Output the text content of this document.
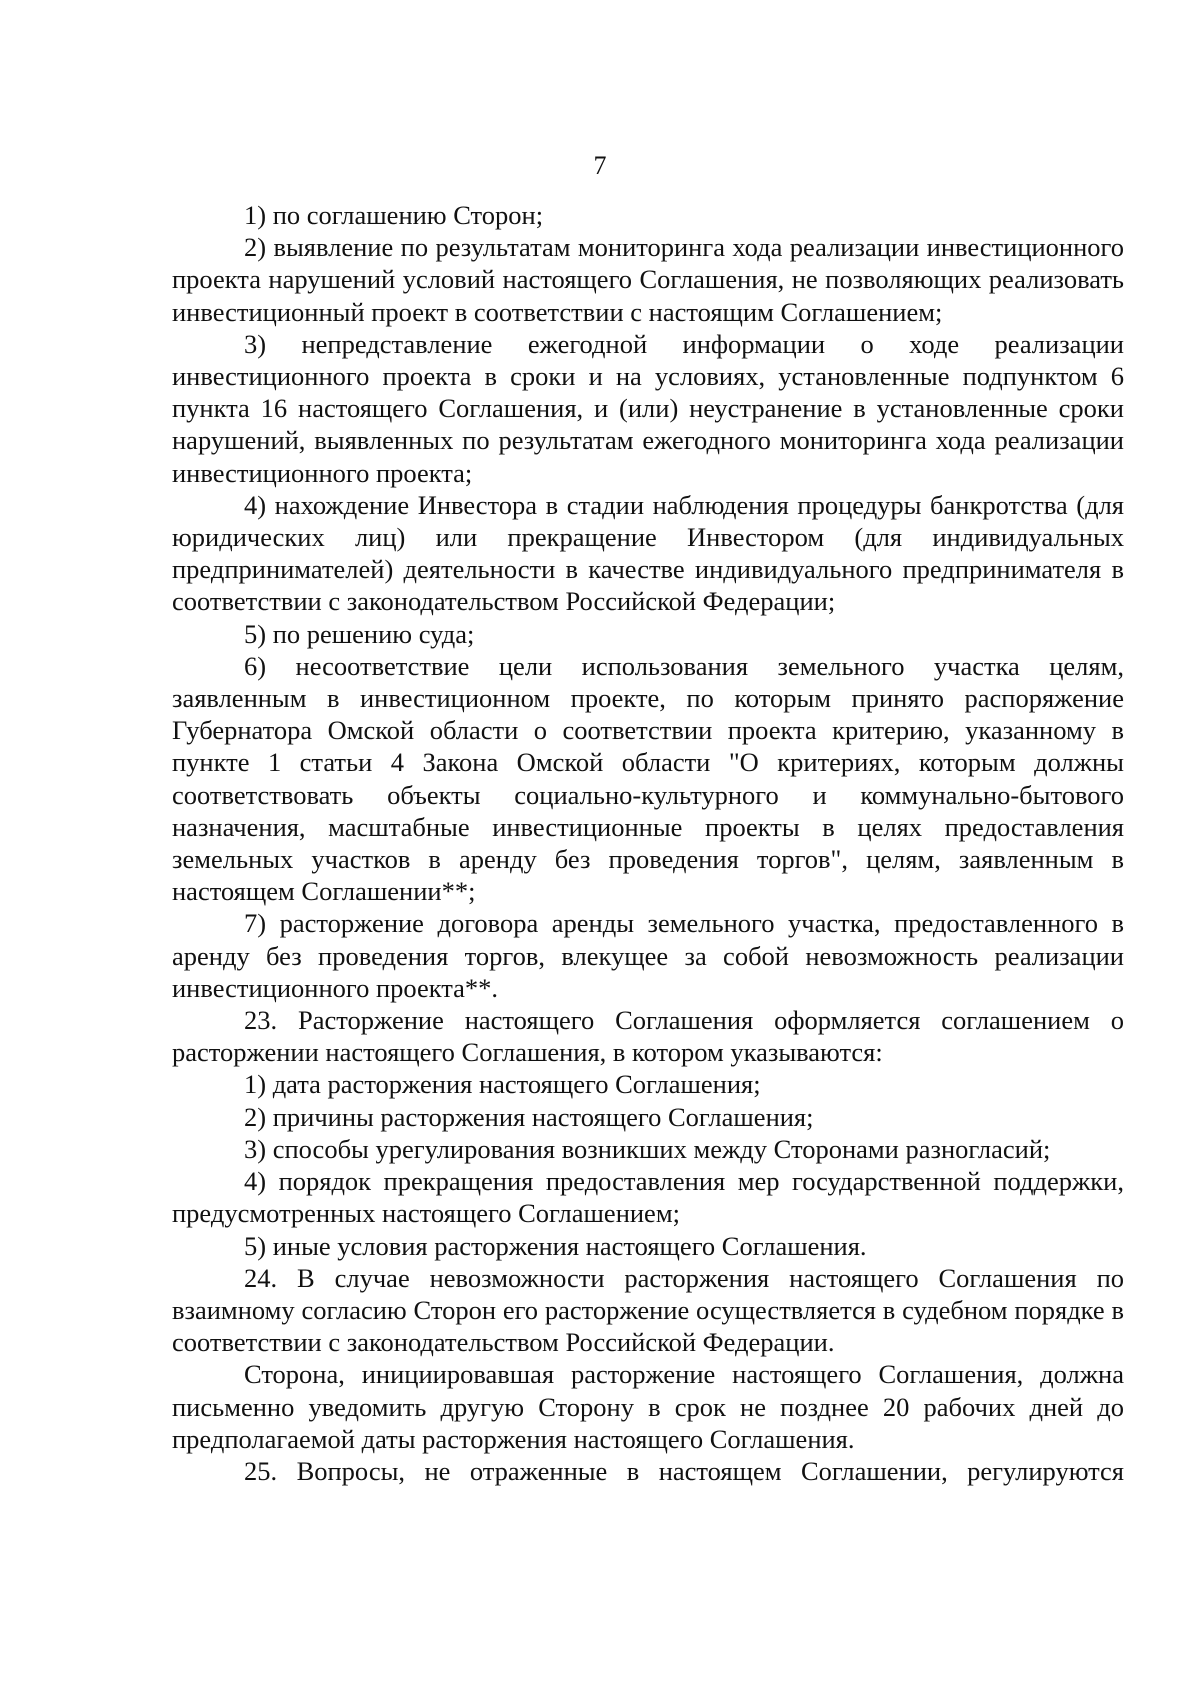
7

1) по соглашению Сторон;

2) выявление по результатам мониторинга хода реализации инвестиционного проекта нарушений условий настоящего Соглашения, не позволяющих реализовать инвестиционный проект в соответствии с настоящим Соглашением;

3) непредставление ежегодной информации о ходе реализации инвестиционного проекта в сроки и на условиях, установленные подпунктом 6 пункта 16 настоящего Соглашения, и (или) неустранение в установленные сроки нарушений, выявленных по результатам ежегодного мониторинга хода реализации инвестиционного проекта;

4) нахождение Инвестора в стадии наблюдения процедуры банкротства (для юридических лиц) или прекращение Инвестором (для индивидуальных предпринимателей) деятельности в качестве индивидуального предпринимателя в соответствии с законодательством Российской Федерации;

5) по решению суда;

6) несоответствие цели использования земельного участка целям, заявленным в инвестиционном проекте, по которым принято распоряжение Губернатора Омской области о соответствии проекта критерию, указанному в пункте 1 статьи 4 Закона Омской области "О критериях, которым должны соответствовать объекты социально-культурного и коммунально-бытового назначения, масштабные инвестиционные проекты в целях предоставления земельных участков в аренду без проведения торгов", целям, заявленным в настоящем Соглашении**;

7) расторжение договора аренды земельного участка, предоставленного в аренду без проведения торгов, влекущее за собой невозможность реализации инвестиционного проекта**.

23. Расторжение настоящего Соглашения оформляется соглашением о расторжении настоящего Соглашения, в котором указываются:

1) дата расторжения настоящего Соглашения;

2) причины расторжения настоящего Соглашения;

3) способы урегулирования возникших между Сторонами разногласий;

4) порядок прекращения предоставления мер государственной поддержки, предусмотренных настоящего Соглашением;

5) иные условия расторжения настоящего Соглашения.

24. В случае невозможности расторжения настоящего Соглашения по взаимному согласию Сторон его расторжение осуществляется в судебном порядке в соответствии с законодательством Российской Федерации.

Сторона, инициировавшая расторжение настоящего Соглашения, должна письменно уведомить другую Сторону в срок не позднее 20 рабочих дней до предполагаемой даты расторжения настоящего Соглашения.

25. Вопросы, не отраженные в настоящем Соглашении, регулируются
